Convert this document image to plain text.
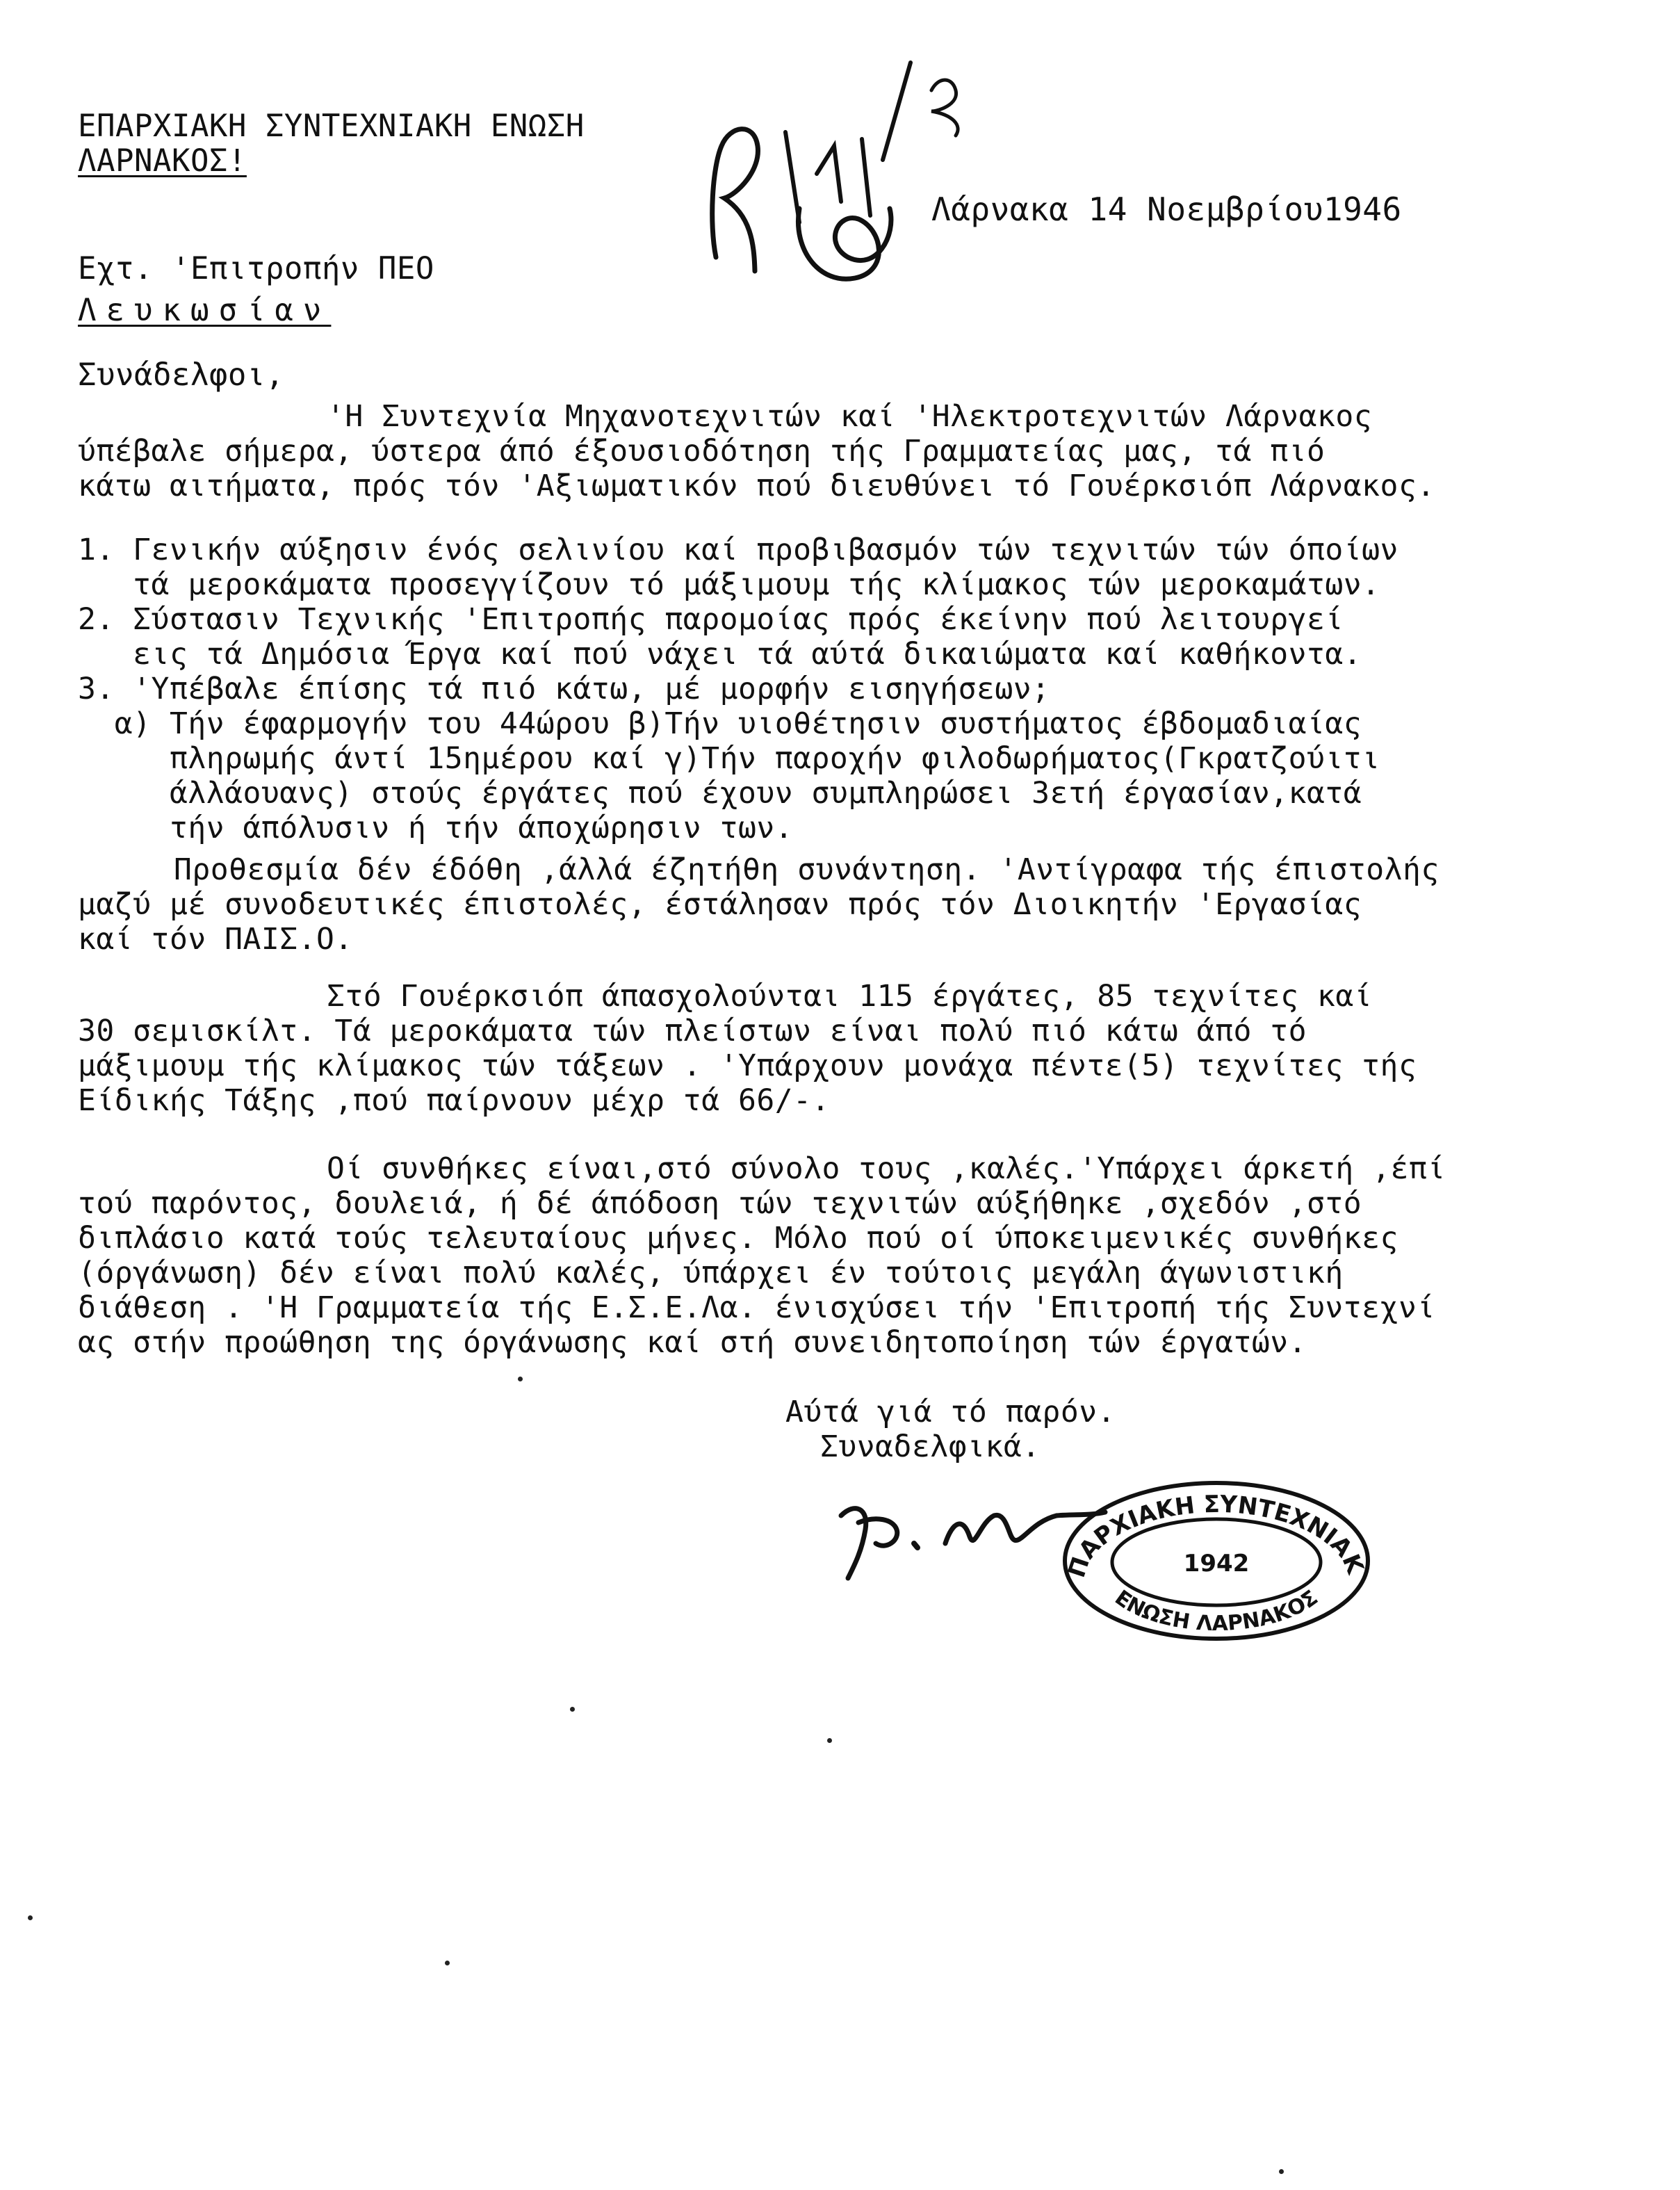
ΕΠΑΡΧΙΑΚΗ ΣΥΝΤΕΧΝΙΑΚΗ ΕΝΩΣΗ
ΛΑΡΝΑΚΟΣ!
Λάρνακα 14 Νοεμβρίου1946
Εχτ. 'Επιτροπήν ΠΕΟ
Λευκωσίαν
Συνάδελφοι,
'Η Συντεχνία Μηχανοτεχνιτών καί 'Ηλεκτροτεχνιτών Λάρνακος
ύπέβαλε σήμερα, ύστερα άπό έξουσιοδότηση τής Γραμματείας μας, τά πιό
κάτω αιτήματα, πρός τόν 'Αξιωματικόν πού διευθύνει τό Γουέρκσιόπ Λάρνακος.
1. Γενικήν αύξησιν ένός σελινίου καί προβιβασμόν τών τεχνιτών τών όποίων
τά μεροκάματα προσεγγίζουν τό μάξιμουμ τής κλίμακος τών μεροκαμάτων.
2. Σύστασιν Τεχνικής 'Επιτροπής παρομοίας πρός έκείνην πού λειτουργεί
εις τά Δημόσια Έργα καί πού νάχει τά αύτά δικαιώματα καί καθήκοντα.
3. 'Υπέβαλε έπίσης τά πιό κάτω, μέ μορφήν εισηγήσεων;
α) Τήν έφαρμογήν του 44ώρου β)Τήν υιοθέτησιν συστήματος έβδομαδιαίας
πληρωμής άντί 15ημέρου καί γ)Τήν παροχήν φιλοδωρήματος(Γκρατζούιτι
άλλάουανς) στούς έργάτες πού έχουν συμπληρώσει 3ετή έργασίαν,κατά
τήν άπόλυσιν ή τήν άποχώρησιν των.
Προθεσμία δέν έδόθη ,άλλά έζητήθη συνάντηση. 'Αντίγραφα τής έπιστολής
μαζύ μέ συνοδευτικές έπιστολές, έστάλησαν πρός τόν Διοικητήν 'Εργασίας
καί τόν ΠΑΙΣ.Ο.
Στό Γουέρκσιόπ άπασχολούνται 115 έργάτες, 85 τεχνίτες καί
30 σεμισκίλτ. Τά μεροκάματα τών πλείστων είναι πολύ πιό κάτω άπό τό
μάξιμουμ τής κλίμακος τών τάξεων . 'Υπάρχουν μονάχα πέντε(5) τεχνίτες τής
Είδικής Τάξης ,πού παίρνουν μέχρ τά 66/-.
Οί συνθήκες είναι,στό σύνολο τους ,καλές.'Υπάρχει άρκετή ,έπί
τού παρόντος, δουλειά, ή δέ άπόδοση τών τεχνιτών αύξήθηκε ,σχεδόν ,στό
διπλάσιο κατά τούς τελευταίους μήνες. Μόλο πού οί ύποκειμενικές συνθήκες
(όργάνωση) δέν είναι πολύ καλές, ύπάρχει έν τούτοις μεγάλη άγωνιστική
διάθεση . 'Η Γραμματεία τής Ε.Σ.Ε.Λα. ένισχύσει τήν 'Επιτροπή τής Συντεχνί
ας στήν προώθηση της όργάνωσης καί στή συνειδητοποίηση τών έργατών.
Αύτά γιά τό παρόν.
Συναδελφικά.
ΕΠΑΡΧΙΑΚΗ ΣΥΝΤΕΧΝΙΑΚΗ
1942
ΕΝΩΣΗ ΛΑΡΝΑΚΟΣ
